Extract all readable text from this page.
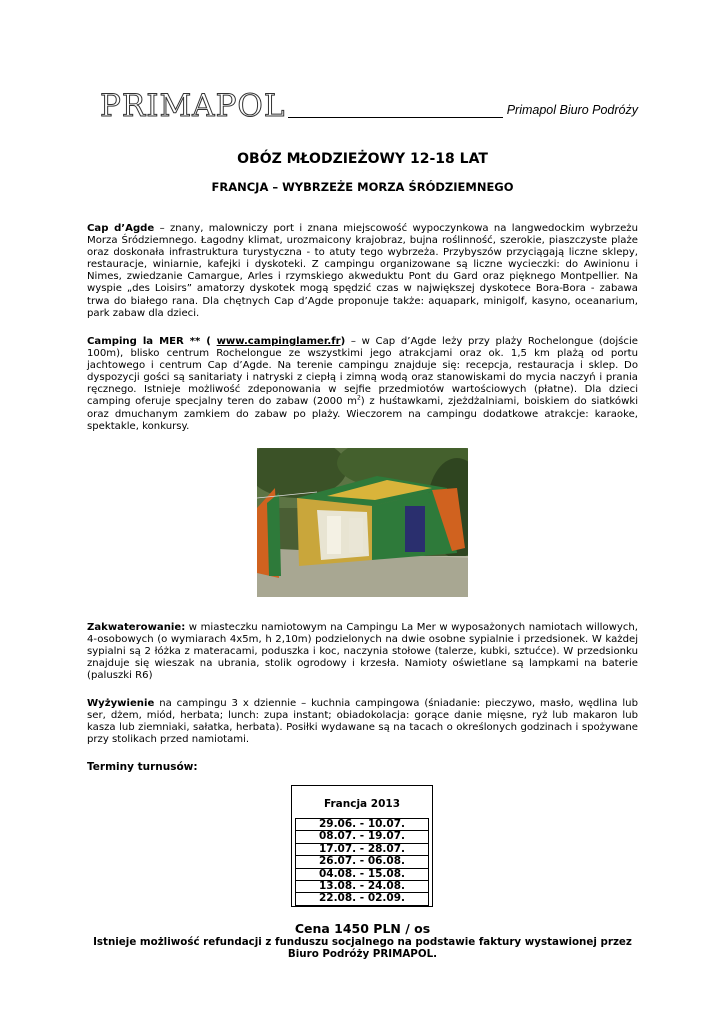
PRIMAPOL	Primapol Biuro Podróży
OBÓZ MŁODZIEŻOWY 12-18 LAT
FRANCJA – WYBRZEŻE MORZA ŚRÓDZIEMNEGO
Cap d’Agde – znany, malowniczy port i znana miejscowość wypoczynkowa na langwedockim wybrzeżu Morza Śródziemnego. Łagodny klimat, urozmaicony krajobraz, bujna roślinność, szerokie, piaszczyste plaże oraz doskonała infrastruktura turystyczna - to atuty tego wybrzeża. Przybyszów przyciągają liczne sklepy, restauracje, winiarnie, kafejki i dyskoteki. Z campingu organizowane są liczne wycieczki: do Awinionu i Nimes, zwiedzanie Camargue, Arles i rzymskiego akweduktu Pont du Gard oraz pięknego Montpellier. Na wyspie „des Loisirs” amatorzy dyskotek mogą spędzić czas w największej dyskotece Bora-Bora - zabawa trwa do białego rana. Dla chętnych Cap d’Agde proponuje także: aquapark, minigolf, kasyno, oceanarium, park zabaw dla dzieci.
Camping la MER ** ( www.campinglamer.fr) – w Cap d’Agde leży przy plaży Rochelongue (dojście 100m), blisko centrum Rochelongue ze wszystkimi jego atrakcjami oraz ok. 1,5 km plażą od portu jachtowego i centrum Cap d’Agde. Na terenie campingu znajduje się: recepcja, restauracja i sklep. Do dyspozycji gości są sanitariaty i natryski z ciepłą i zimną wodą oraz stanowiskami do mycia naczyń i prania ręcznego. Istnieje możliwość zdeponowania w sejfie przedmiotów wartościowych (płatne). Dla dzieci camping oferuje specjalny teren do zabaw (2000 $m^2$) z huśtawkami, zjeżdżalniami, boiskiem do siatkówki oraz dmuchanym zamkiem do zabaw po plaży. Wieczorem na campingu dodatkowe atrakcje: karaoke, spektakle, konkursy.
Zakwaterowanie: w miasteczku namiotowym na Campingu La Mer w wyposażonych namiotach willowych, 4-osobowych (o wymiarach 4x5m, h 2,10m) podzielonych na dwie osobne sypialnie i przedsionek. W każdej sypialni są 2 łóżka z materacami, poduszka i koc, naczynia stołowe (talerze, kubki, sztućce). W przedsionku znajduje się wieszak na ubrania, stolik ogrodowy i krzesła. Namioty oświetlane są lampkami na baterie (paluszki R6)
Wyżywienie na campingu 3 x dziennie – kuchnia campingowa (śniadanie: pieczywo, masło, wędlina lub ser, dżem, miód, herbata; lunch: zupa instant; obiadokolacja: gorące danie mięsne, ryż lub makaron lub kasza lub ziemniaki, sałatka, herbata). Posiłki wydawane są na tacach o określonych godzinach i spożywane przy stolikach przed namiotami.
Terminy turnusów:
Francja 2013
29.06. - 10.07.
08.07. - 19.07.
17.07. - 28.07.
26.07. - 06.08.
04.08. - 15.08.
13.08. - 24.08.
22.08. - 02.09.
Cena 1450 PLN / os
Istnieje możliwość refundacji z funduszu socjalnego na podstawie faktury wystawionej przez Biuro Podróży PRIMAPOL.
